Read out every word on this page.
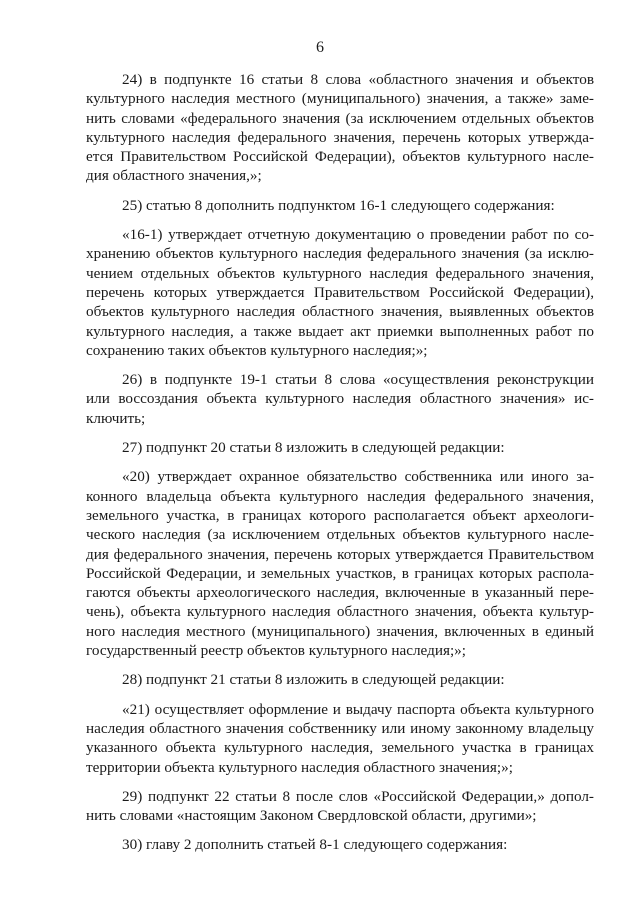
6

24) в подпункте 16 статьи 8 слова «областного значения и объектов
культурного наследия местного (муниципального) значения, а также» заме-
нить словами «федерального значения (за исключением отдельных объектов
культурного наследия федерального значения, перечень которых утвержда-
ется Правительством Российской Федерации), объектов культурного насле-
дия областного значения,»;

25) статью 8 дополнить подпунктом 16-1 следующего содержания:

«16-1) утверждает отчетную документацию о проведении работ по со-
хранению объектов культурного наследия федерального значения (за исклю-
чением отдельных объектов культурного наследия федерального значения,
перечень которых утверждается Правительством Российской Федерации),
объектов культурного наследия областного значения, выявленных объектов
культурного наследия, а также выдает акт приемки выполненных работ по
сохранению таких объектов культурного наследия;»;

26) в подпункте 19-1 статьи 8 слова «осуществления реконструкции
или воссоздания объекта культурного наследия областного значения» ис-
ключить;

27) подпункт 20 статьи 8 изложить в следующей редакции:

«20) утверждает охранное обязательство собственника или иного за-
конного владельца объекта культурного наследия федерального значения,
земельного участка, в границах которого располагается объект археологи-
ческого наследия (за исключением отдельных объектов культурного насле-
дия федерального значения, перечень которых утверждается Правительством
Российской Федерации, и земельных участков, в границах которых распола-
гаются объекты археологического наследия, включенные в указанный пере-
чень), объекта культурного наследия областного значения, объекта культур-
ного наследия местного (муниципального) значения, включенных в единый
государственный реестр объектов культурного наследия;»;

28) подпункт 21 статьи 8 изложить в следующей редакции:

«21) осуществляет оформление и выдачу паспорта объекта культурного
наследия областного значения собственнику или иному законному владельцу
указанного объекта культурного наследия, земельного участка в границах
территории объекта культурного наследия областного значения;»;

29) подпункт 22 статьи 8 после слов «Российской Федерации,» допол-
нить словами «настоящим Законом Свердловской области, другими»;

30) главу 2 дополнить статьей 8-1 следующего содержания:
